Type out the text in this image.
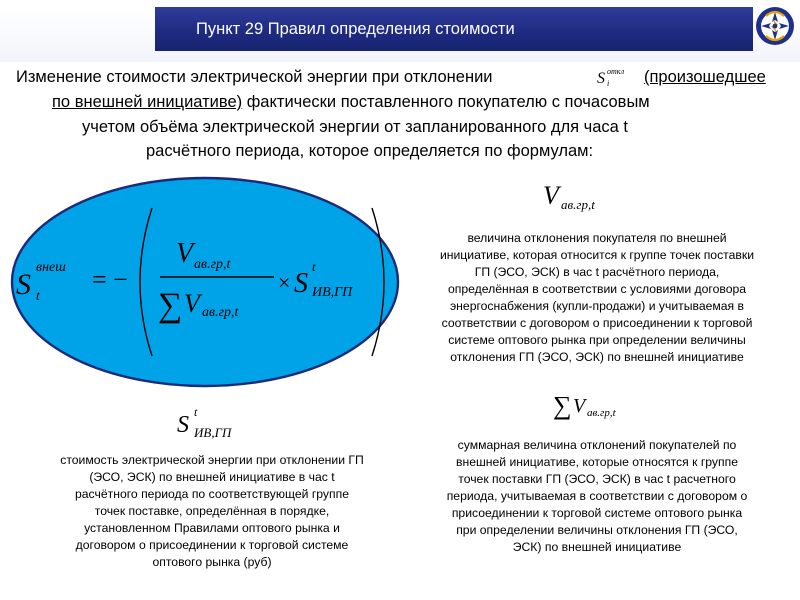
Пункт 29 Правил определения стоимости
Изменение стоимости электрической энергии при отклонении	S откл
i (произошедшее
по внешней инициативе) фактически поставленного покупателю с почасовым
учетом объёма электрической энергии от запланированного для часа t
расчётного периода, которое определяется по формулам:
S
внеш
t
= −
V ав.гр,t
∑ V ав.гр,t
× S
t
ИВ,ГП
V ав.гр,t
величина отклонения покупателя по внешней
инициативе, которая относится к группе точек поставки
ГП (ЭСО, ЭСК) в час t расчётного периода,
определённая в соответствии с условиями договора
энергоснабжения (купли-продажи) и учитываемая в
соответствии с договором о присоединении к торговой
системе оптового рынка при определении величины
отклонения ГП (ЭСО, ЭСК) по внешней инициативе
∑ V ав.гр,t
суммарная величина отклонений покупателей по
внешней инициативе, которые относятся к группе
точек поставки ГП (ЭСО, ЭСК) в час t расчетного
периода, учитываемая в соответствии с договором о
присоединении к торговой системе оптового рынка
при определении величины отклонения ГП (ЭСО,
ЭСК) по внешней инициативе
S t
ИВ,ГП
стоимость электрической энергии при отклонении ГП
(ЭСО, ЭСК) по внешней инициативе в час t
расчётного периода по соответствующей группе
точек поставке, определённая в порядке,
установленном Правилами оптового рынка и
договором о присоединении к торговой системе
оптового рынка (руб)
